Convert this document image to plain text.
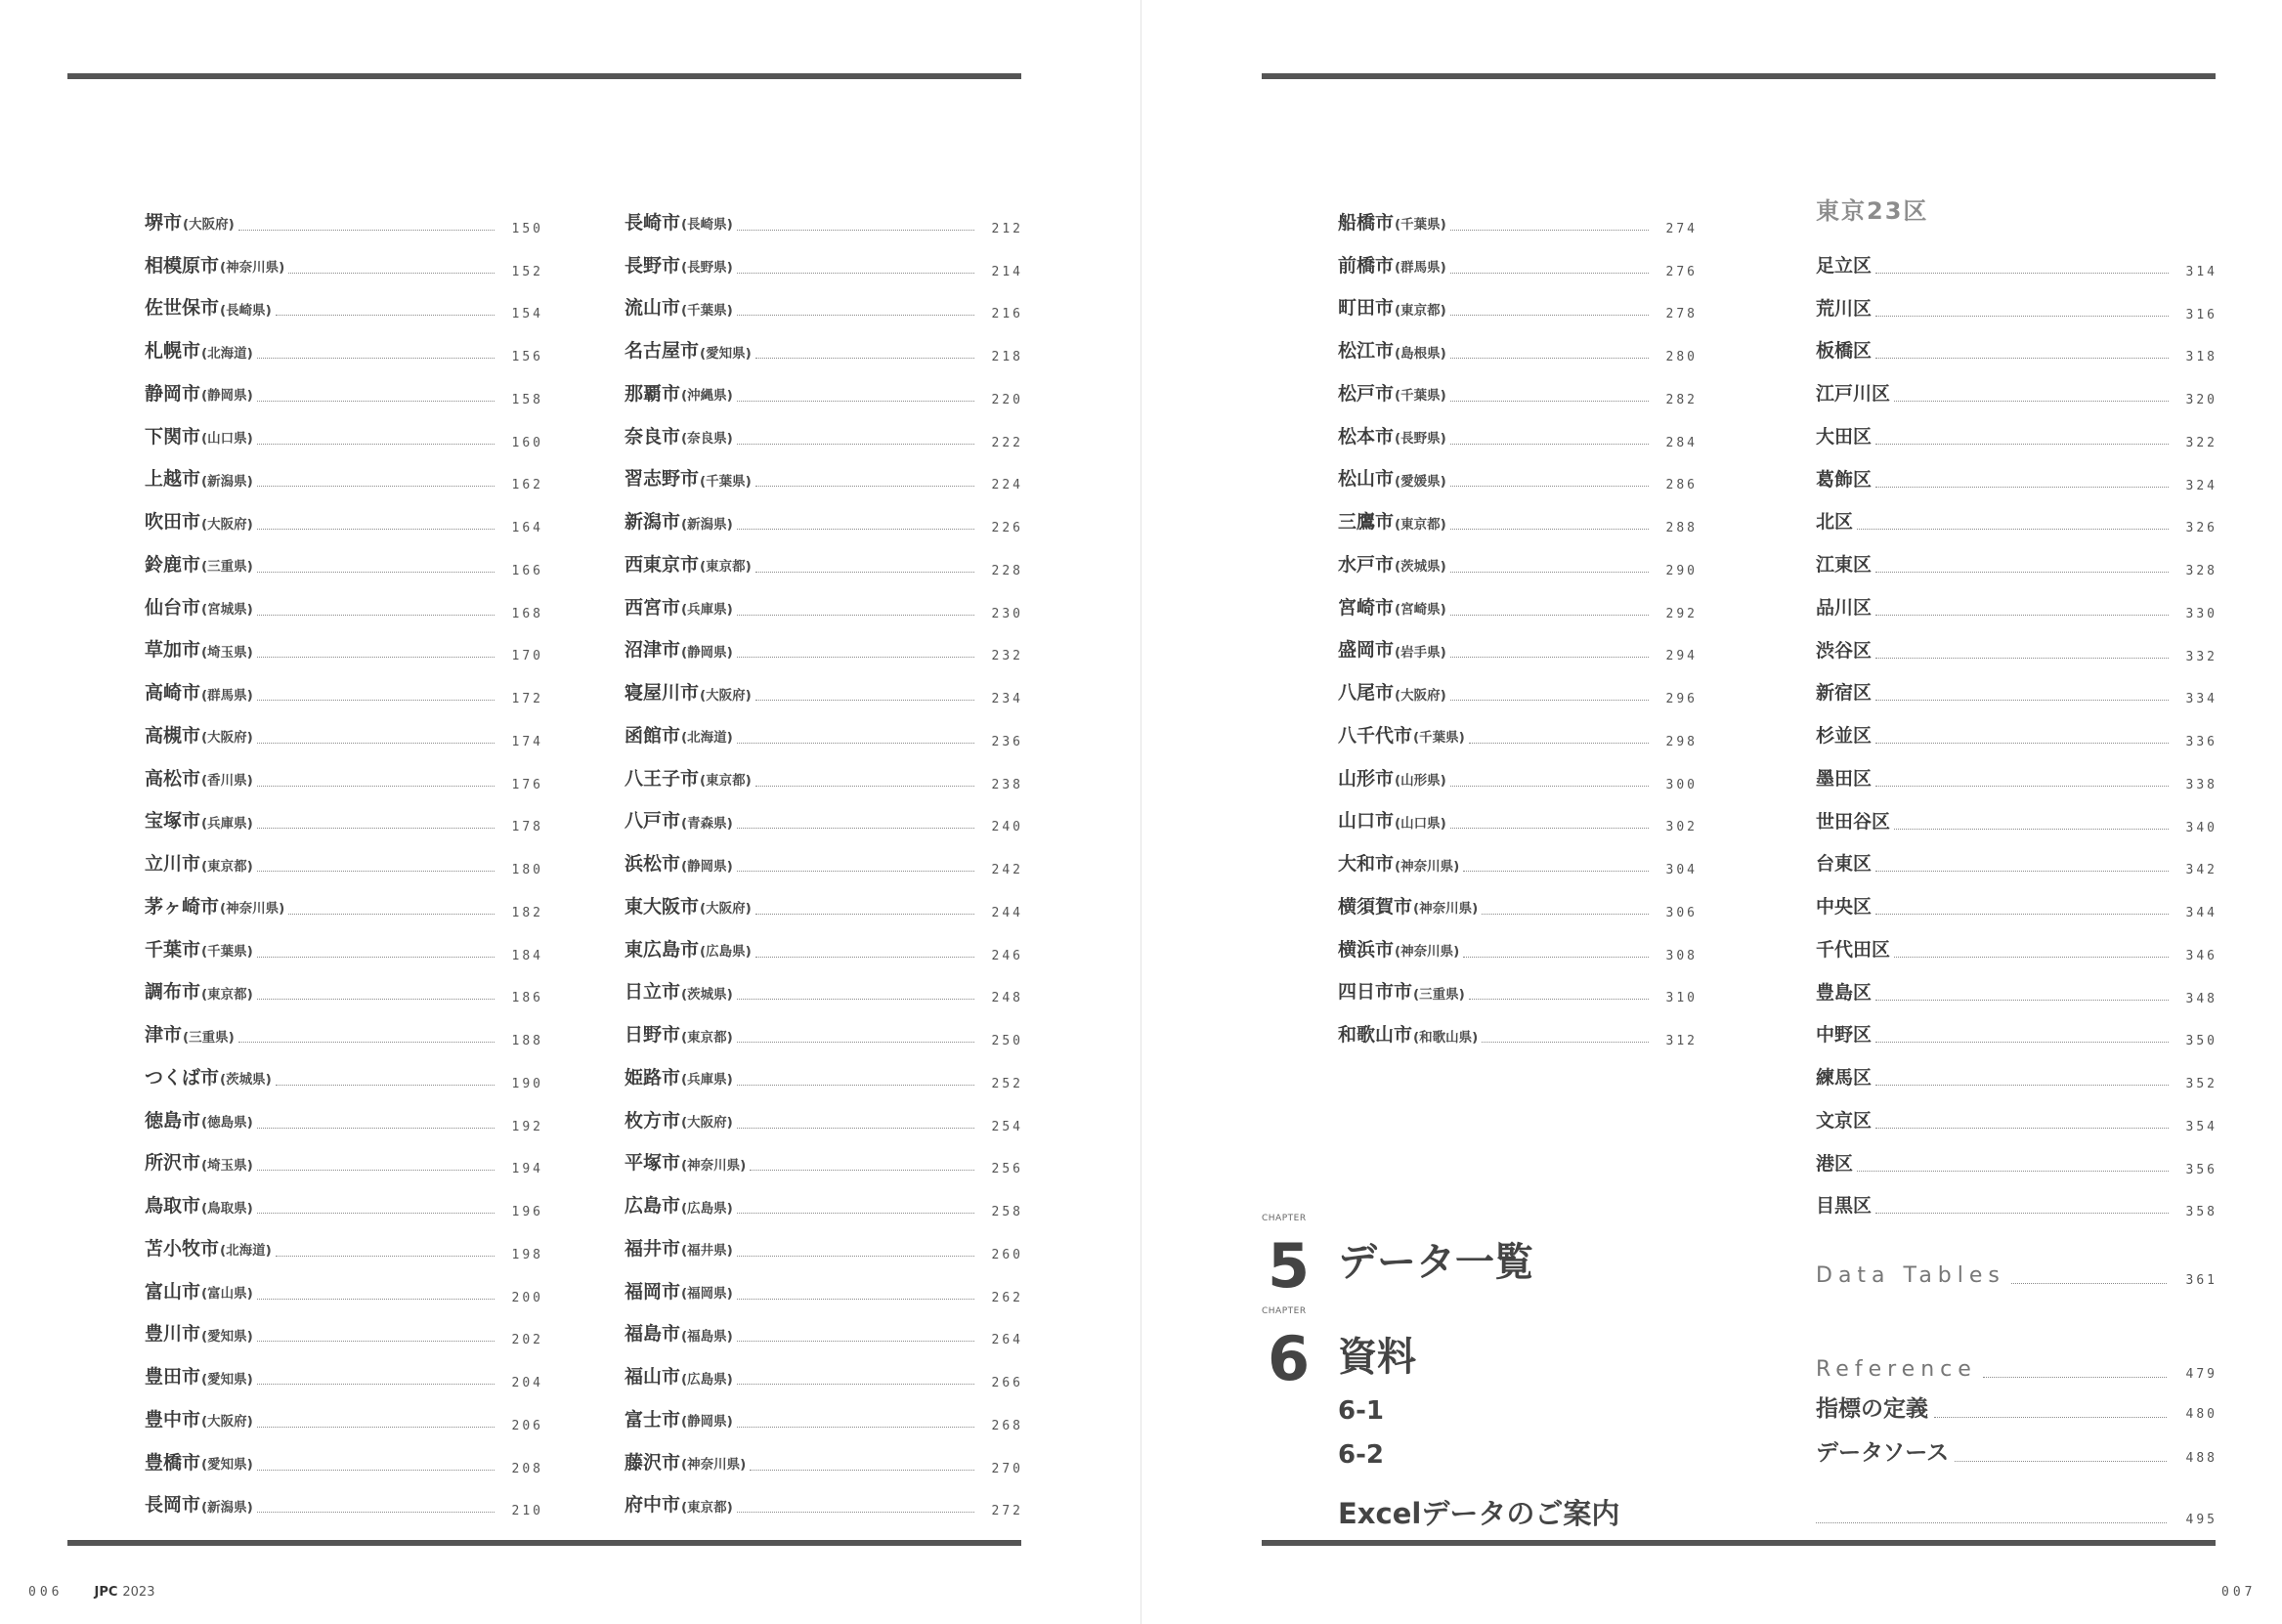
堺市 (大阪府)	150
相模原市 (神奈川県)	152
佐世保市 (長崎県)	154
札幌市 (北海道)	156
静岡市 (静岡県)	158
下関市 (山口県)	160
上越市 (新潟県)	162
吹田市 (大阪府)	164
鈴鹿市 (三重県)	166
仙台市 (宮城県)	168
草加市 (埼玉県)	170
高崎市 (群馬県)	172
高槻市 (大阪府)	174
高松市 (香川県)	176
宝塚市 (兵庫県)	178
立川市 (東京都)	180
茅ヶ崎市 (神奈川県)	182
千葉市 (千葉県)	184
調布市 (東京都)	186
津市 (三重県)	188
つくば市 (茨城県)	190
徳島市 (徳島県)	192
所沢市 (埼玉県)	194
鳥取市 (鳥取県)	196
苫小牧市 (北海道)	198
富山市 (富山県)	200
豊川市 (愛知県)	202
豊田市 (愛知県)	204
豊中市 (大阪府)	206
豊橋市 (愛知県)	208
長岡市 (新潟県)	210
長崎市 (長崎県)	212
長野市 (長野県)	214
流山市 (千葉県)	216
名古屋市 (愛知県)	218
那覇市 (沖縄県)	220
奈良市 (奈良県)	222
習志野市 (千葉県)	224
新潟市 (新潟県)	226
西東京市 (東京都)	228
西宮市 (兵庫県)	230
沼津市 (静岡県)	232
寝屋川市 (大阪府)	234
函館市 (北海道)	236
八王子市 (東京都)	238
八戸市 (青森県)	240
浜松市 (静岡県)	242
東大阪市 (大阪府)	244
東広島市 (広島県)	246
日立市 (茨城県)	248
日野市 (東京都)	250
姫路市 (兵庫県)	252
枚方市 (大阪府)	254
平塚市 (神奈川県)	256
広島市 (広島県)	258
福井市 (福井県)	260
福岡市 (福岡県)	262
福島市 (福島県)	264
福山市 (広島県)	266
富士市 (静岡県)	268
藤沢市 (神奈川県)	270
府中市 (東京都)	272
船橋市 (千葉県)	274
前橋市 (群馬県)	276
町田市 (東京都)	278
松江市 (島根県)	280
松戸市 (千葉県)	282
松本市 (長野県)	284
松山市 (愛媛県)	286
三鷹市 (東京都)	288
水戸市 (茨城県)	290
宮崎市 (宮崎県)	292
盛岡市 (岩手県)	294
八尾市 (大阪府)	296
八千代市 (千葉県)	298
山形市 (山形県)	300
山口市 (山口県)	302
大和市 (神奈川県)	304
横須賀市 (神奈川県)	306
横浜市 (神奈川県)	308
四日市市 (三重県)	310
和歌山市 (和歌山県)	312
東京23区
足立区	314
荒川区	316
板橋区	318
江戸川区	320
大田区	322
葛飾区	324
北区	326
江東区	328
品川区	330
渋谷区	332
新宿区	334
杉並区	336
墨田区	338
世田谷区	340
台東区	342
中央区	344
千代田区	346
豊島区	348
中野区	350
練馬区	352
文京区	354
港区	356
目黒区	358
CHAPTER
5 データ一覧	Data Tables	361
CHAPTER
6 資料	Reference	479
6-1	指標の定義	480
6-2	データソース	488
Excelデータのご案内	495
006 JPC 2023	007
